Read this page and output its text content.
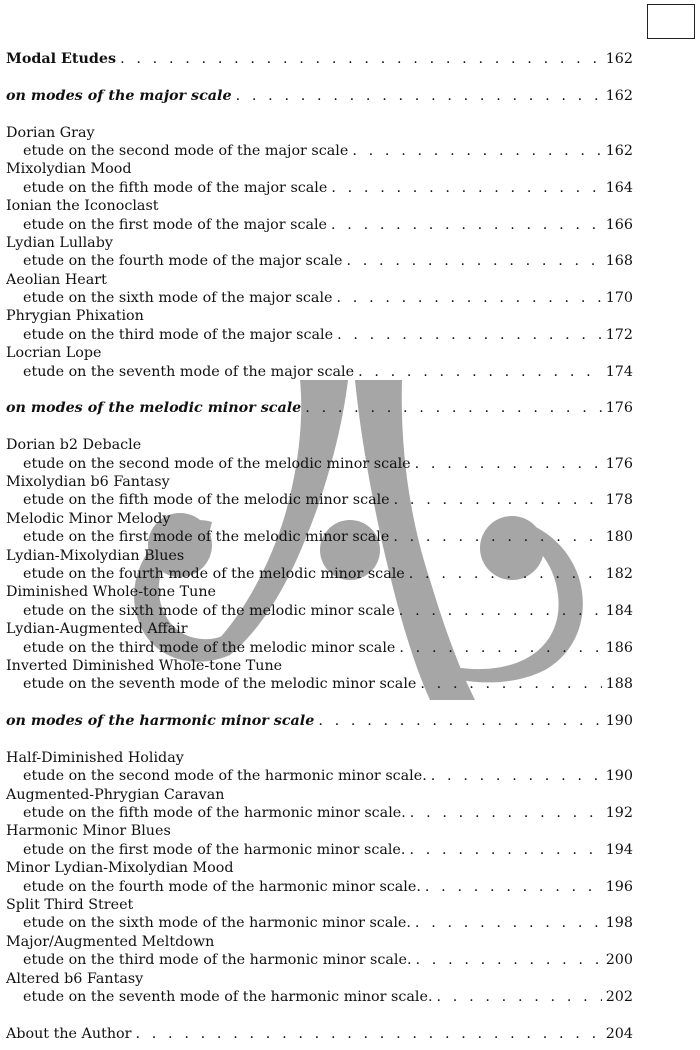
Modal Etudes . . .	162
on modes of the major scale . . .	162
Dorian Gray
etude on the second mode of the major scale . . .	162
Mixolydian Mood
etude on the fifth mode of the major scale . . .	164
Ionian the Iconoclast
etude on the first mode of the major scale . . .	166
Lydian Lullaby
etude on the fourth mode of the major scale . . .	168
Aeolian Heart
etude on the sixth mode of the major scale . . .	170
Phrygian Phixation
etude on the third mode of the major scale . . .	172
Locrian Lope
etude on the seventh mode of the major scale . . .	174
on modes of the melodic minor scale . . .	176
Dorian b2 Debacle
etude on the second mode of the melodic minor scale . . .	176
Mixolydian b6 Fantasy
etude on the fifth mode of the melodic minor scale . . .	178
Melodic Minor Melody
etude on the first mode of the melodic minor scale . . .	180
Lydian-Mixolydian Blues
etude on the fourth mode of the melodic minor scale . . .	182
Diminished Whole-tone Tune
etude on the sixth mode of the melodic minor scale . . .	184
Lydian-Augmented Affair
etude on the third mode of the melodic minor scale . . .	186
Inverted Diminished Whole-tone Tune
etude on the seventh mode of the melodic minor scale . . .	188
on modes of the harmonic minor scale . . .	190
Half-Diminished Holiday
etude on the second mode of the harmonic minor scale. . . .	190
Augmented-Phrygian Caravan
etude on the fifth mode of the harmonic minor scale. . . .	192
Harmonic Minor Blues
etude on the first mode of the harmonic minor scale. . . .	194
Minor Lydian-Mixolydian Mood
etude on the fourth mode of the harmonic minor scale. . . .	196
Split Third Street
etude on the sixth mode of the harmonic minor scale. . . .	198
Major/Augmented Meltdown
etude on the third mode of the harmonic minor scale. . . .	200
Altered b6 Fantasy
etude on the seventh mode of the harmonic minor scale. . . .	202
About the Author . . .	204
